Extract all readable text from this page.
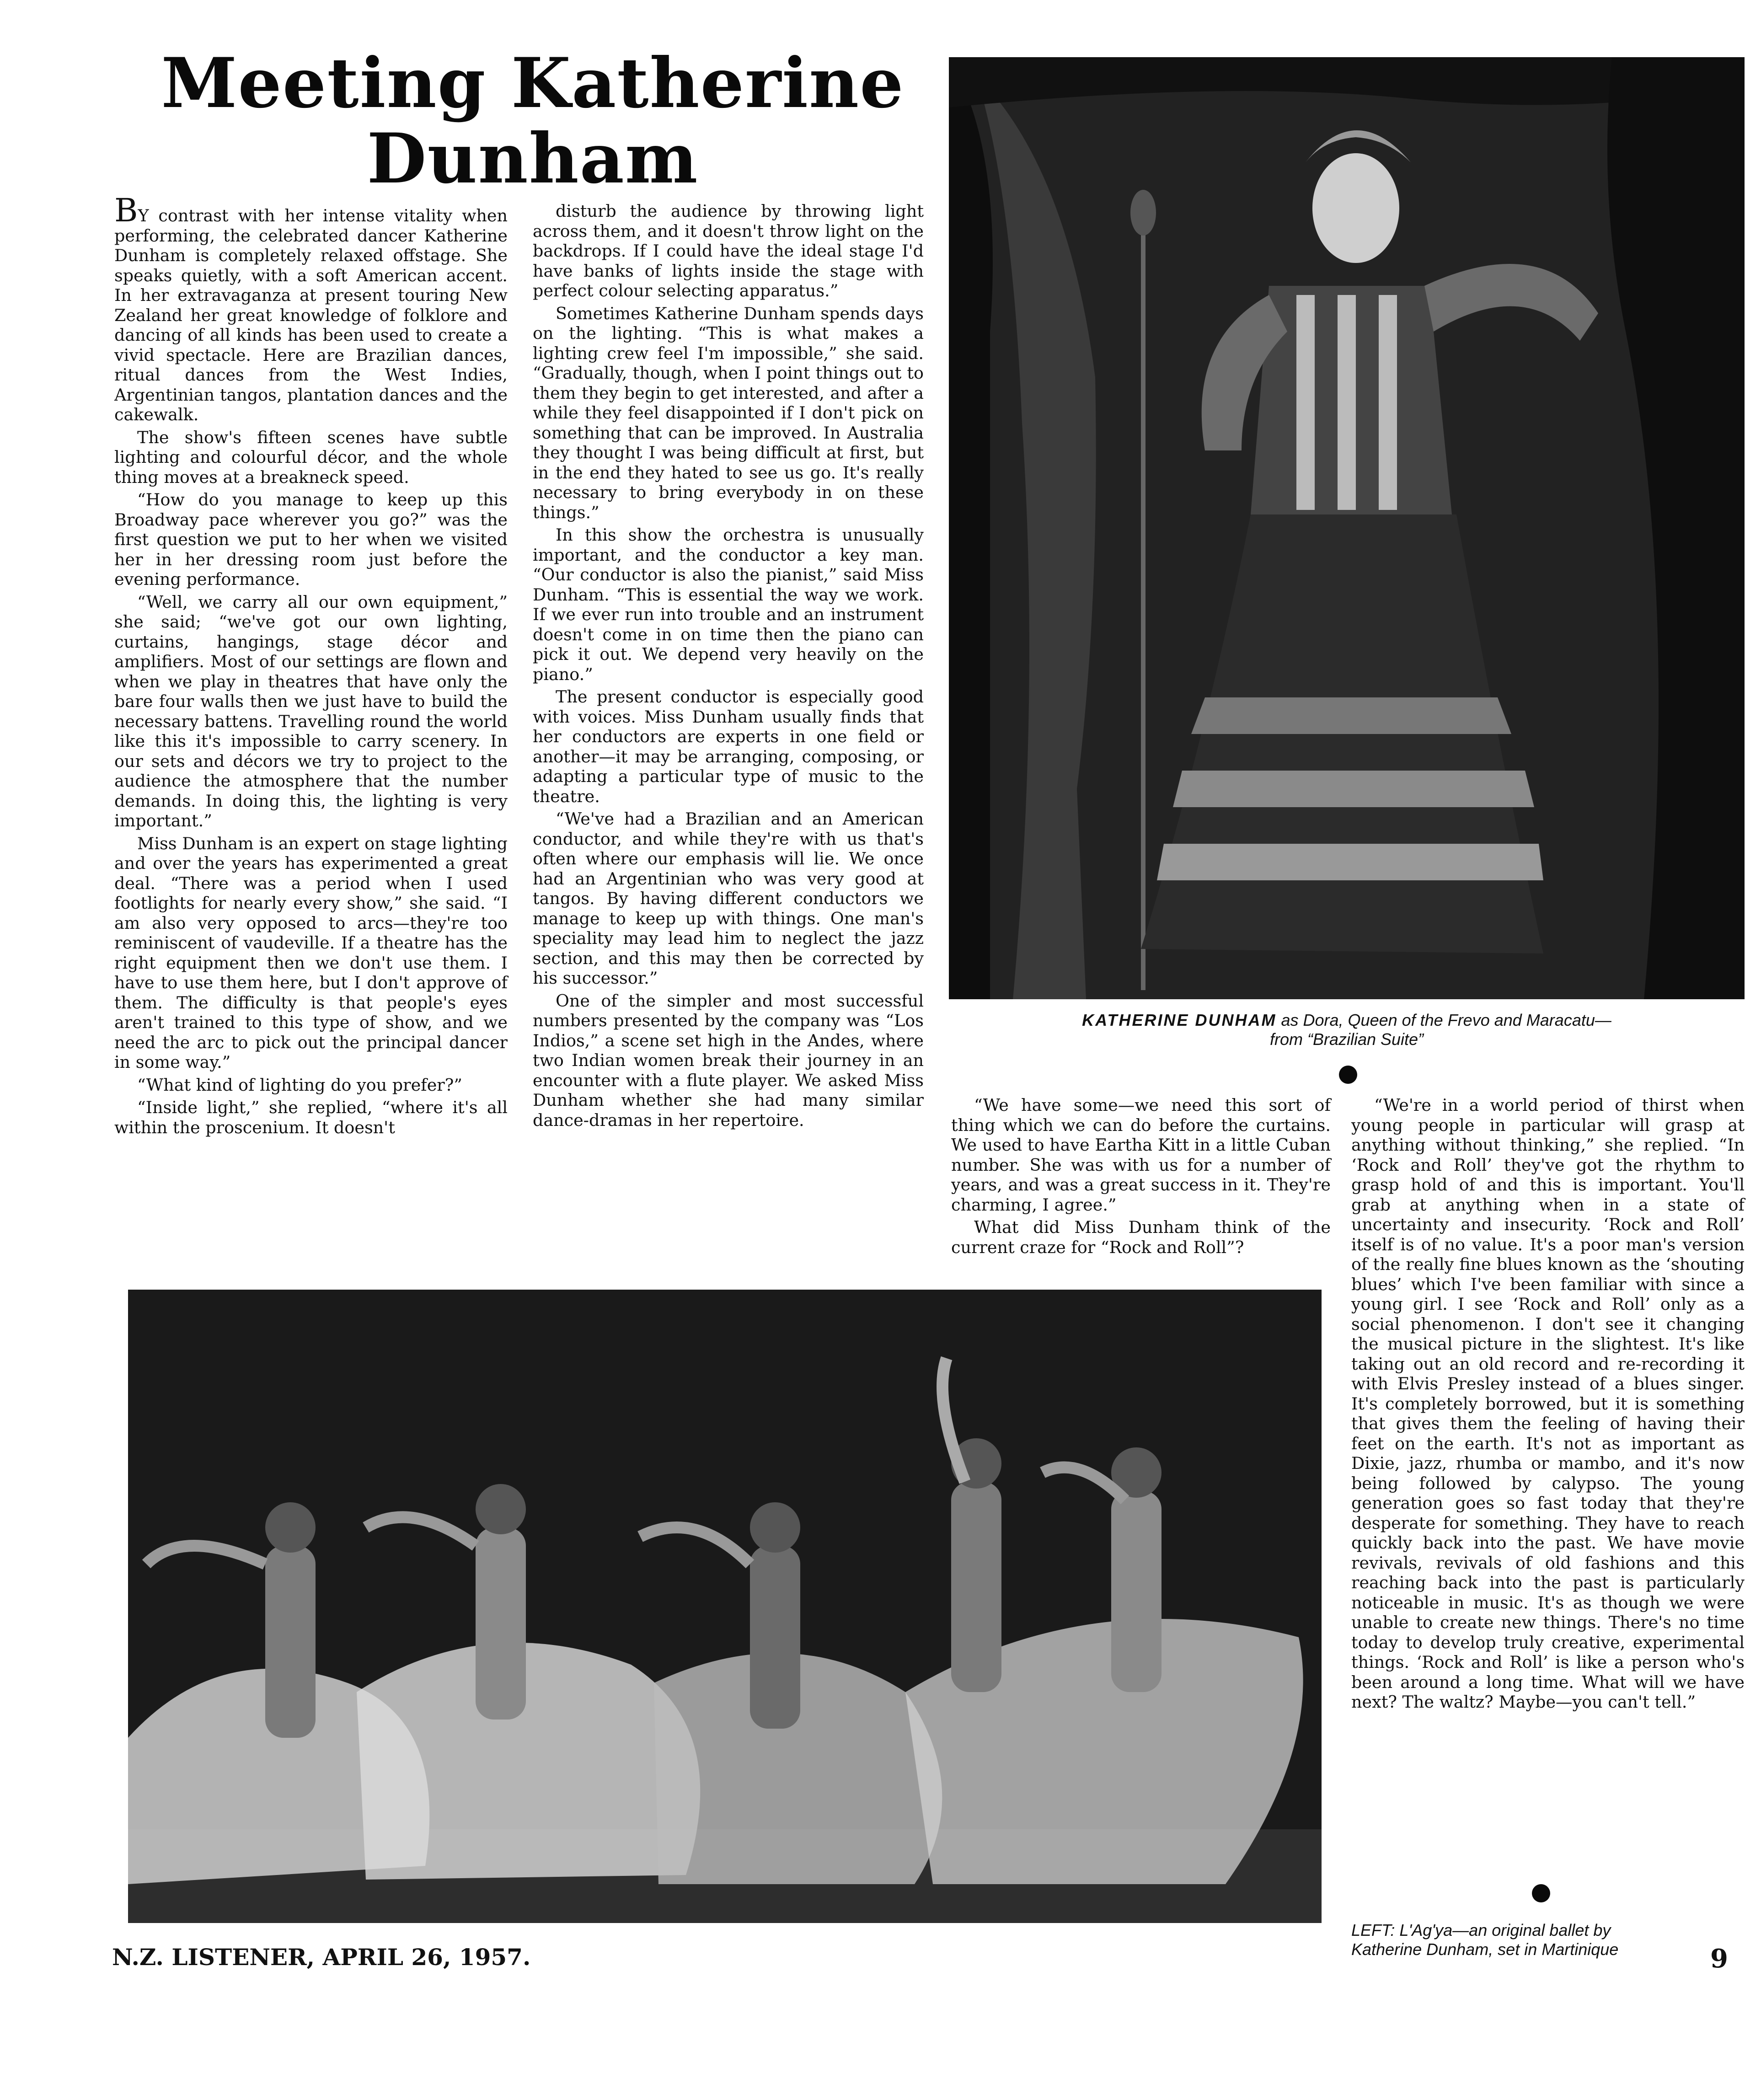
Meeting Katherine
Dunham

BY contrast with her intense vitality when performing, the celebrated dancer Katherine Dunham is completely relaxed offstage. She speaks quietly, with a soft American accent. In her extravaganza at present touring New Zealand her great knowledge of folklore and dancing of all kinds has been used to create a vivid spectacle. Here are Brazilian dances, ritual dances from the West Indies, Argentinian tangos, plantation dances and the cakewalk.

The show's fifteen scenes have subtle lighting and colourful décor, and the whole thing moves at a breakneck speed.

“How do you manage to keep up this Broadway pace wherever you go?” was the first question we put to her when we visited her in her dressing room just before the evening performance.

“Well, we carry all our own equipment,” she said; “we've got our own lighting, curtains, hangings, stage décor and amplifiers. Most of our settings are flown and when we play in theatres that have only the bare four walls then we just have to build the necessary battens. Travelling round the world like this it's impossible to carry scenery. In our sets and décors we try to project to the audience the atmosphere that the number demands. In doing this, the lighting is very important.”

Miss Dunham is an expert on stage lighting and over the years has experimented a great deal. “There was a period when I used footlights for nearly every show,” she said. “I am also very opposed to arcs—they're too reminiscent of vaudeville. If a theatre has the right equipment then we don't use them. I have to use them here, but I don't approve of them. The difficulty is that people's eyes aren't trained to this type of show, and we need the arc to pick out the principal dancer in some way.”

“What kind of lighting do you prefer?”

“Inside light,” she replied, “where it's all within the proscenium. It doesn't

disturb the audience by throwing light across them, and it doesn't throw light on the backdrops. If I could have the ideal stage I'd have banks of lights inside the stage with perfect colour selecting apparatus.”

Sometimes Katherine Dunham spends days on the lighting. “This is what makes a lighting crew feel I'm impossible,” she said. “Gradually, though, when I point things out to them they begin to get interested, and after a while they feel disappointed if I don't pick on something that can be improved. In Australia they thought I was being difficult at first, but in the end they hated to see us go. It's really necessary to bring everybody in on these things.”

In this show the orchestra is unusually important, and the conductor a key man. “Our conductor is also the pianist,” said Miss Dunham. “This is essential the way we work. If we ever run into trouble and an instrument doesn't come in on time then the piano can pick it out. We depend very heavily on the piano.”

The present conductor is especially good with voices. Miss Dunham usually finds that her conductors are experts in one field or another—it may be arranging, composing, or adapting a particular type of music to the theatre.

“We've had a Brazilian and an American conductor, and while they're with us that's often where our emphasis will lie. We once had an Argentinian who was very good at tangos. By having different conductors we manage to keep up with things. One man's speciality may lead him to neglect the jazz section, and this may then be corrected by his successor.”

One of the simpler and most successful numbers presented by the company was “Los Indios,” a scene set high in the Andes, where two Indian women break their journey in an encounter with a flute player. We asked Miss Dunham whether she had many similar dance-dramas in her repertoire.

KATHERINE DUNHAM as Dora, Queen of the Frevo and Maracatu—
from “Brazilian Suite”

“We have some—we need this sort of thing which we can do before the curtains. We used to have Eartha Kitt in a little Cuban number. She was with us for a number of years, and was a great success in it. They're charming, I agree.”

What did Miss Dunham think of the current craze for “Rock and Roll”?

“We're in a world period of thirst when young people in particular will grasp at anything without thinking,” she replied. “In ‘Rock and Roll’ they've got the rhythm to grasp hold of and this is important. You'll grab at anything when in a state of uncertainty and insecurity. ‘Rock and Roll’ itself is of no value. It's a poor man's version of the really fine blues known as the ‘shouting blues’ which I've been familiar with since a young girl. I see ‘Rock and Roll’ only as a social phenomenon. I don't see it changing the musical picture in the slightest. It's like taking out an old record and re-recording it with Elvis Presley instead of a blues singer. It's completely borrowed, but it is something that gives them the feeling of having their feet on the earth. It's not as important as Dixie, jazz, rhumba or mambo, and it's now being followed by calypso. The young generation goes so fast today that they're desperate for something. They have to reach quickly back into the past. We have movie revivals, revivals of old fashions and this reaching back into the past is particularly noticeable in music. It's as though we were unable to create new things. There's no time today to develop truly creative, experimental things. ‘Rock and Roll’ is like a person who's been around a long time. What will we have next? The waltz? Maybe—you can't tell.”

LEFT: L'Ag'ya—an original ballet by
Katherine Dunham, set in Martinique
N.Z. LISTENER, APRIL 26, 1957.	9
